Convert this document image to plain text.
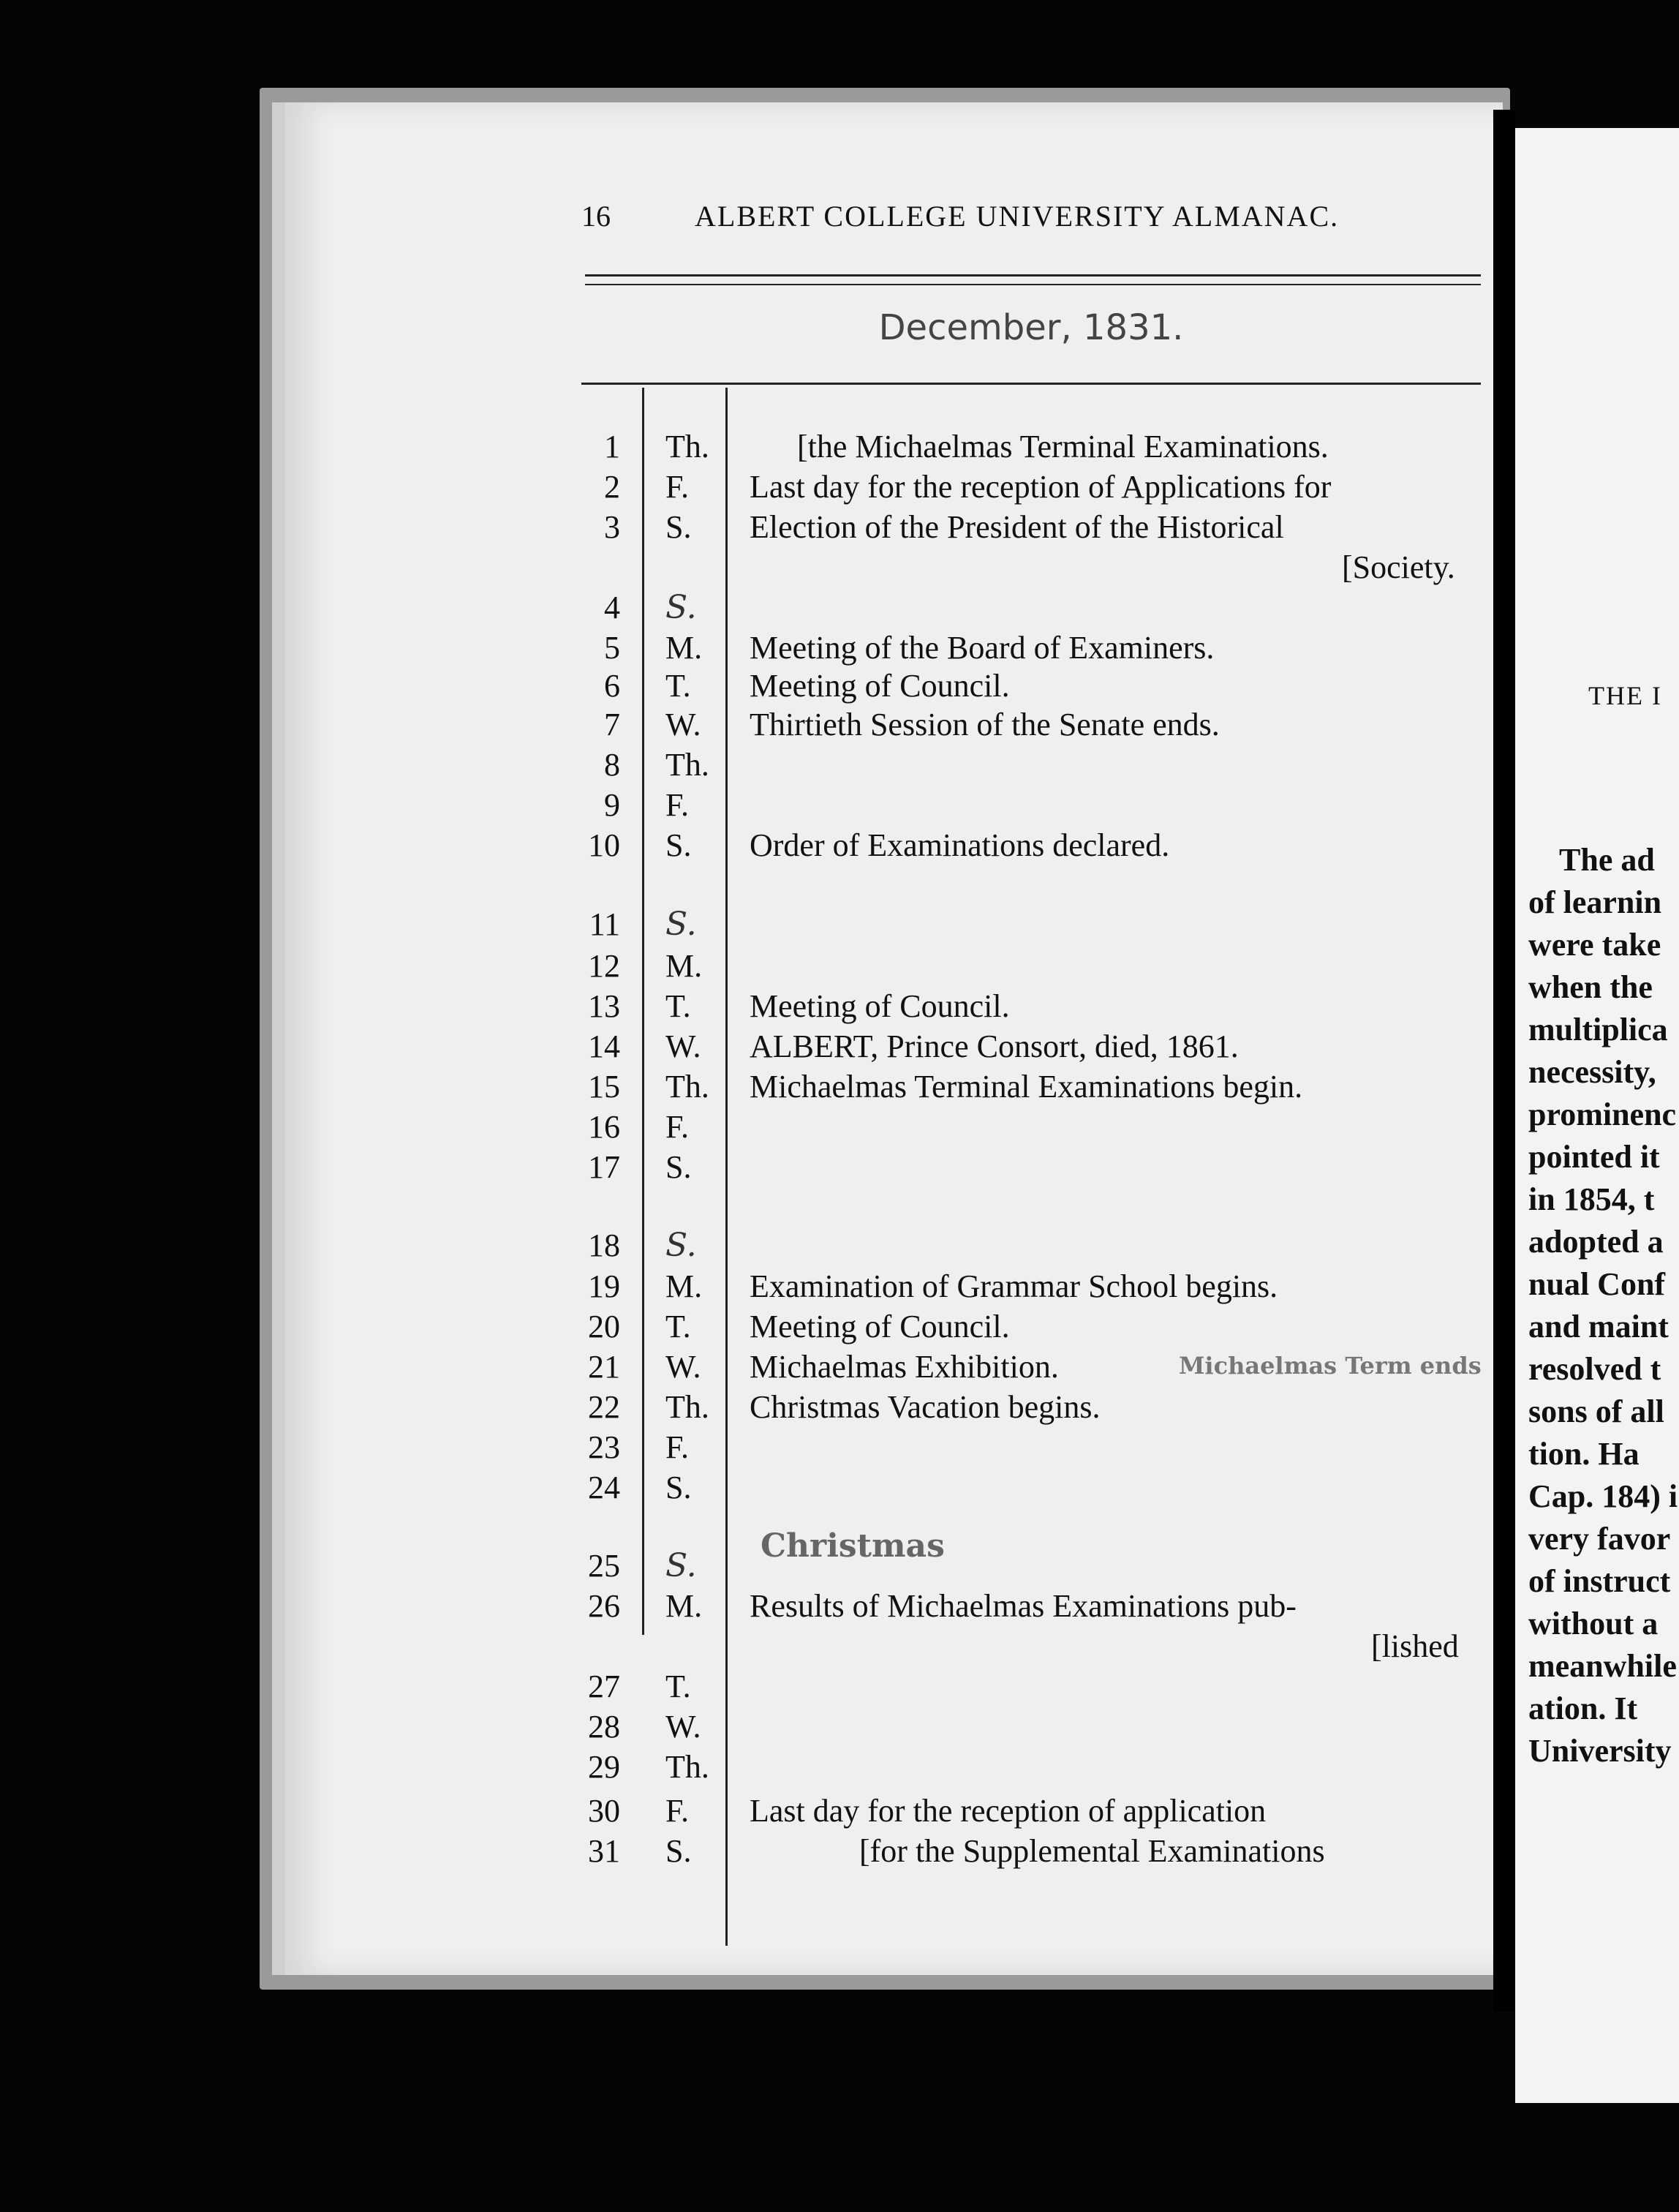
16	ALBERT COLLEGE UNIVERSITY ALMANAC.
December, 1831.
1 Th.	[the Michaelmas Terminal Examinations.
2 F. Last day for the reception of Applications for
3 S. Election of the President of the Historical
[Society.
4 S.
5 M. Meeting of the Board of Examiners.
6 T. Meeting of Council.
7 W. Thirtieth Session of the Senate ends.
8 Th.
9 F.
10 S. Order of Examinations declared.
11 S.
12 M.
13 T. Meeting of Council.
14 W. ALBERT, Prince Consort, died, 1861.
15 Th. Michaelmas Terminal Examinations begin.
16 F.
17 S.
18 S.
19 M. Examination of Grammar School begins.
20 T. Meeting of Council.
21 W. Michaelmas Exhibition.	Michaelmas Term ends
22 Th. Christmas Vacation begins.
23 F.
24 S.
25 S.
Christmas
26 M. Results of Michaelmas Examinations pub-
[lished
27 T.
28 W.
29 Th.
30 F. Last day for the reception of application
31 S.	[for the Supplemental Examinations
THE I
The ad
of learnin
were take
when the
multiplica
necessity,
prominenc
pointed it
in 1854, t
adopted a
nual Conf
and maint
resolved t
sons of all
tion. Ha
Cap. 184) i
very favor
of instruct
without a
meanwhile
ation. It
University
